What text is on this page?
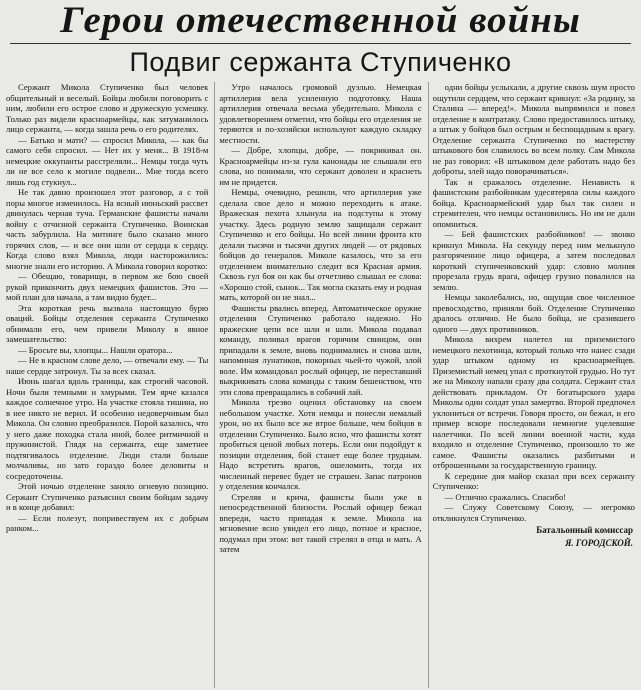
Герои отечественной войны
Подвиг сержанта Ступиченко

Сержант Микола Ступиченко был человек общительный и веселый. Бойцы любили поговорить с ним, любили его острое слово и дружескую усмешку. Только раз видели красноармейцы, как затуманилось лицо сержанта, — когда зашла речь о его родителях.

— Батько и мати? — спросил Микола, — как бы самого себя спросил. — Нет их у меня... В 1918-м немецкие оккупанты расстреляли... Немцы тогда чуть ли не все село к могиле подвели... Мне тогда всего лишь год стукнул...

Не так давно произошел этот разговор, а с той поры многое изменилось. На ясный июньский рассвет двинулась черная туча. Германские фашисты начали войну с отчизной сержанта Ступиченко. Воинская часть забурлила. На митинге было сказано много горячих слов, — и все они шли от сердца к сердцу. Когда слово взял Микола, люди насторожились: многие знали его историю. А Микола говорил коротко:

— Обещаю, товарищи, в первом же бою своей рукой прикончить двух немецких фашистов. Это — мой план для начала, а там видно будет...

Эта короткая речь вызвала настоящую бурю оваций. Бойцы отделения сержанта Ступиченко обнимали его, чем привели Миколу в явное замешательство:

— Бросьте вы, хлопцы... Нашли оратора...

— Не в красном слове дело, — отвечали ему. — Ты наше сердце затронул. Ты за всех сказал.

Июнь шагал вдоль границы, как строгий часовой. Ночи были темными и хмурыми. Тем ярче казался каждое солнечное утро. На участке стояла тишина, но в нее никто не верил. И особенно недоверчивым был Микола. Он словно преобразился. Порой казалось, что у него даже походка стала иной, более ритмичной и пружинистой. Глядя на сержанта, еще заметнее подтягивалось отделение. Люди стали больше молчаливы, но зато гораздо более деловиты и сосредоточены.

Этой ночью отделение заняло огневую позицию. Сержант Ступиченко разъяснил своим бойцам задачу и в конце добавил:

— Если полезут, попривествуем их с добрым ранком...

Утро началось громовой дуэлью. Немецкая артиллерия вела усиленную подготовку. Наша артиллерия отвечала весьма убедительно. Микола с удовлетворением отметил, что бойцы его отделения не теряются и по-хозяйски используют каждую складку местности.

— Добре, хлопцы, добре, — покрикивал он. Красноармейцы из-за гула канонады не слышали его слова, но понимали, что сержант доволен и краснеть им не придется.

Немцы, очевидно, решили, что артиллерия уже сделала свое дело и можно переходить к атаке. Вражеская пехота хлынула на подступы к этому участку. Здесь родную землю защищали сержант Ступиченко и его бойцы. Но всей линии фронта кто делали тысячи и тысячи других людей — от рядовых бойцов до генералов. Миколе казалось, что за его отделением внимательно следит вся Красная армия. Сквозь гул боя он как бы отчетливо слышал ее слова: «Хорошо стой, сынок... Так могла сказать ему и родная мать, которой он не знал...

Фашисты рвались вперед. Автоматическое оружие отделения Ступиченко работало надежно. Но вражеские цепи все шли и шли. Микола подавал команду, поливал врагов горячим свинцом, они припадали к земле, вновь поднимались и снова шли, напоминая лунатиков, покорных чьей-то чужой, злой воле. Им командовал рослый офицер, не переставший выкрикивать слова команды с таким бешенством, что эти слова превращались в собачий лай.

Микола трезво оценил обстановку на своем небольшом участке. Хотя немцы и понесли немалый урон, но их было все же втрое больше, чем бойцов в отделении Ступиченко. Было ясно, что фашисты хотят пробиться ценой любых потерь. Если они подойдут к позиции отделения, бой станет еще более трудным. Надо встретить врагов, ошеломить, тогда их численный перевес будет не страшен. Запас патронов у отделения кончался.

Стреляя и крича, фашисты были уже в непосредственной близости. Рослый офицер бежал впереди, часто припадая к земле. Микола на мгновение ясно увидел его лицо, потное и красное, подумал при этом: вот такой стрелял в отца и мать. А затем

одни бойцы услыхали, а другие сквозь шум просто ощутили сердцем, что сержант крикнул: «За родину, за Сталина — вперед!». Микола выпрямился и повел отделение в контратаку. Слово предоставилось штыку, а штык у бойцов был острым и беспощадным к врагу. Отделение сержанта Ступиченко по мастерству штыкового боя славилось во всем полку. Сам Микола не раз говорил: «В штыковом деле работать надо без доброты, злей надо поворачиваться».

Так и сражалось отделение. Ненависть к фашистским разбойникам удесятеряла силы каждого бойца. Красноармейский удар был так силен и стремителен, что немцы остановились. Но им не дали опомниться.

— Бей фашистских разбойников! — звонко крикнул Микола. На секунду перед ним мелькнуло разгоряченное лицо офицера, а затем последовал короткий ступиченковский удар: словно молния прорезала грудь врага, офицер грузно повалился на землю.

Немцы заколебались, но, ощущая свое численное превосходство, приняли бой. Отделение Ступиченко дралось отлично. Не было бойца, не сразившего одного — двух противников.

Микола вихрем налетел на приземистого немецкого пехотинца, который только что нанес сзади удар штыком одному из красноармейцев. Приземистый немец упал с проткнутой грудью. Но тут же на Миколу напали сразу два солдата. Сержант стал действовать прикладом. От богатырского удара Миколы один солдат упал замертво. Второй предпочел уклониться от встречи. Говоря просто, он бежал, и его пример вскоре последовали немногие уцелевшие налетчики. По всей линии военной части, куда входило и отделение Ступиченко, произошло то же самое. Фашисты оказались разбитыми и отброшенными за государственную границу.

К середине дня майор сказал при всех сержанту Ступиченко:

— Отлично сражались. Спасибо!

— Служу Советскому Союзу, — негромко откликнулся Ступиченко.

Батальонный комиссар
Я. ГОРОДСКОЙ.
